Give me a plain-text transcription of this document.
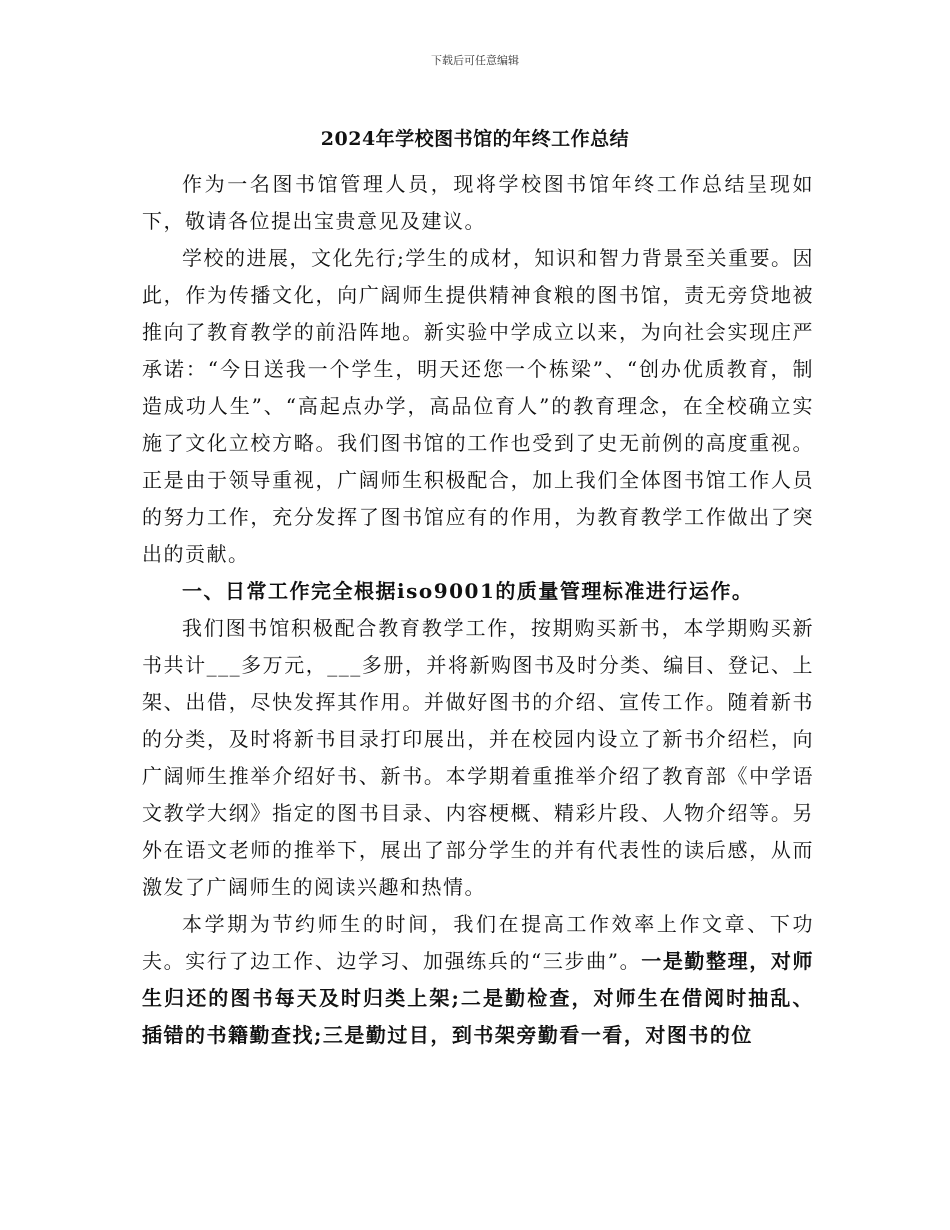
下载后可任意编辑
2024年学校图书馆的年终工作总结

作为一名图书馆管理人员，现将学校图书馆年终工作总结呈现如下，敬请各位提出宝贵意见及建议。

学校的进展，文化先行;学生的成材，知识和智力背景至关重要。因此，作为传播文化，向广阔师生提供精神食粮的图书馆，责无旁贷地被推向了教育教学的前沿阵地。新实验中学成立以来，为向社会实现庄严承诺：“今日送我一个学生，明天还您一个栋梁”、“创办优质教育，制造成功人生”、“高起点办学，高品位育人”的教育理念，在全校确立实施了文化立校方略。我们图书馆的工作也受到了史无前例的高度重视。正是由于领导重视，广阔师生积极配合，加上我们全体图书馆工作人员的努力工作，充分发挥了图书馆应有的作用，为教育教学工作做出了突出的贡献。

一、日常工作完全根据iso9001的质量管理标准进行运作。

我们图书馆积极配合教育教学工作，按期购买新书，本学期购买新书共计___多万元，___多册，并将新购图书及时分类、编目、登记、上架、出借，尽快发挥其作用。并做好图书的介绍、宣传工作。随着新书的分类，及时将新书目录打印展出，并在校园内设立了新书介绍栏，向广阔师生推举介绍好书、新书。本学期着重推举介绍了教育部《中学语文教学大纲》指定的图书目录、内容梗概、精彩片段、人物介绍等。另外在语文老师的推举下，展出了部分学生的并有代表性的读后感，从而激发了广阔师生的阅读兴趣和热情。

本学期为节约师生的时间，我们在提高工作效率上作文章、下功夫。实行了边工作、边学习、加强练兵的“三步曲”。一是勤整理，对师生归还的图书每天及时归类上架;二是勤检查，对师生在借阅时抽乱、插错的书籍勤查找;三是勤过目，到书架旁勤看一看，对图书的位
